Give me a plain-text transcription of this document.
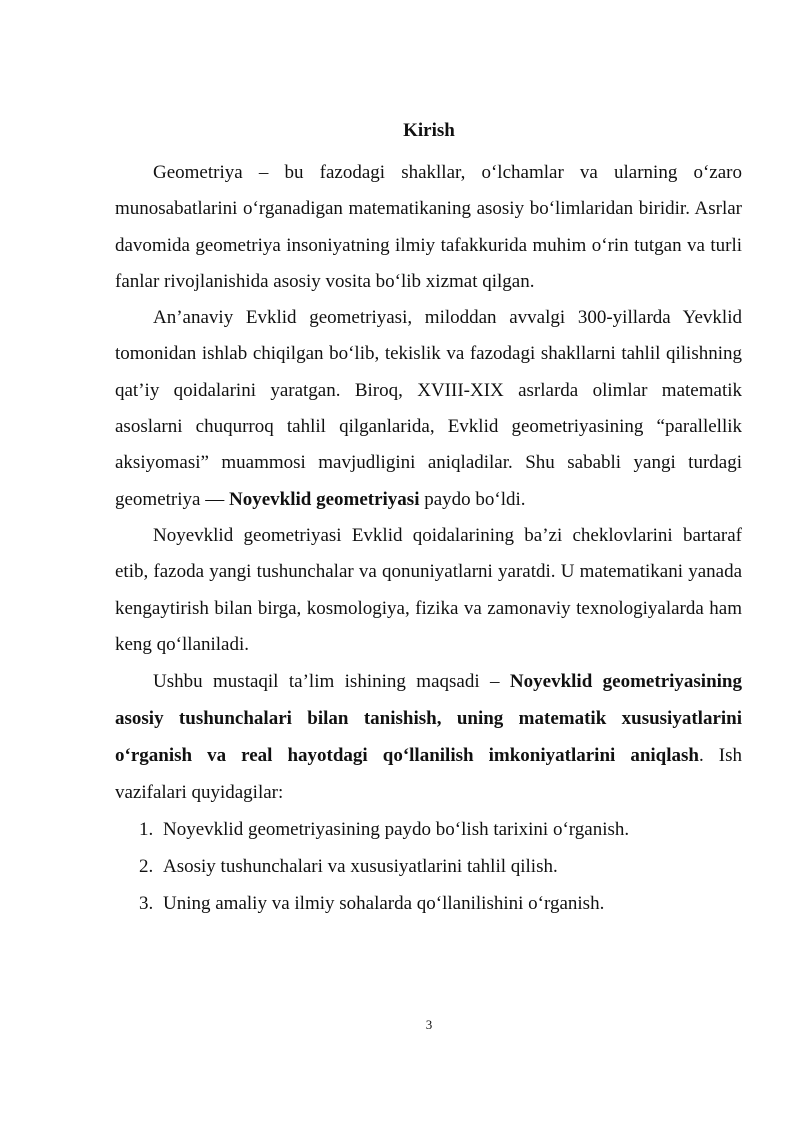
Kirish

Geometriya – bu fazodagi shakllar, o‘lchamlar va ularning o‘zaro munosabatlarini o‘rganadigan matematikaning asosiy bo‘limlaridan biridir. Asrlar davomida geometriya insoniyatning ilmiy tafakkurida muhim o‘rin tutgan va turli fanlar rivojlanishida asosiy vosita bo‘lib xizmat qilgan.

An’anaviy Evklid geometriyasi, miloddan avvalgi 300-yillarda Yevklid tomonidan ishlab chiqilgan bo‘lib, tekislik va fazodagi shakllarni tahlil qilishning qat’iy qoidalarini yaratgan. Biroq, XVIII-XIX asrlarda olimlar matematik asoslarni chuqurroq tahlil qilganlarida, Evklid geometriyasining “parallellik aksiyomasi” muammosi mavjudligini aniqladilar. Shu sababli yangi turdagi geometriya — Noyevklid geometriyasi paydo bo‘ldi.

Noyevklid geometriyasi Evklid qoidalarining ba’zi cheklovlarini bartaraf etib, fazoda yangi tushunchalar va qonuniyatlarni yaratdi. U matematikani yanada kengaytirish bilan birga, kosmologiya, fizika va zamonaviy texnologiyalarda ham keng qo‘llaniladi.

Ushbu mustaqil ta’lim ishining maqsadi – Noyevklid geometriyasining asosiy tushunchalari bilan tanishish, uning matematik xususiyatlarini o‘rganish va real hayotdagi qo‘llanilish imkoniyatlarini aniqlash. Ish vazifalari quyidagilar:

1. Noyevklid geometriyasining paydo bo‘lish tarixini o‘rganish.
2. Asosiy tushunchalari va xususiyatlarini tahlil qilish.
3. Uning amaliy va ilmiy sohalarda qo‘llanilishini o‘rganish.
3
